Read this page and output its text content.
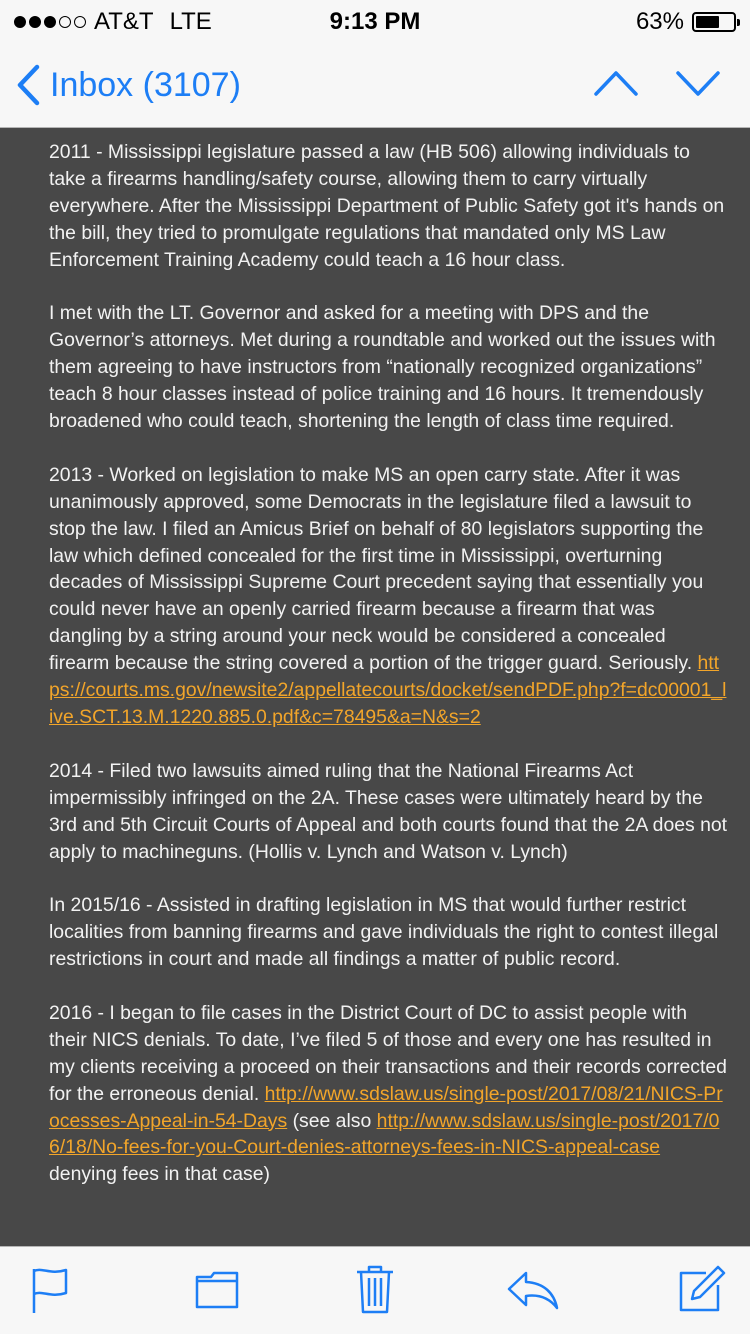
AT&T LTE	9:13 PM	63%
Inbox (3107)

2011 - Mississippi legislature passed a law (HB 506) allowing individuals to take a firearms handling/safety course, allowing them to carry virtually everywhere. After the Mississippi Department of Public Safety got it's hands on the bill, they tried to promulgate regulations that mandated only MS Law Enforcement Training Academy could teach a 16 hour class.

I met with the LT. Governor and asked for a meeting with DPS and the Governor’s attorneys. Met during a roundtable and worked out the issues with them agreeing to have instructors from “nationally recognized organizations” teach 8 hour classes instead of police training and 16 hours. It tremendously broadened who could teach, shortening the length of class time required.

2013 - Worked on legislation to make MS an open carry state. After it was unanimously approved, some Democrats in the legislature filed a lawsuit to stop the law. I filed an Amicus Brief on behalf of 80 legislators supporting the law which defined concealed for the first time in Mississippi, overturning decades of Mississippi Supreme Court precedent saying that essentially you could never have an openly carried firearm because a firearm that was dangling by a string around your neck would be considered a concealed firearm because the string covered a portion of the trigger guard. Seriously. https://courts.ms.gov/newsite2/appellatecourts/docket/sendPDF.php?f=dc00001_live.SCT.13.M.1220.885.0.pdf&c=78495&a=N&s=2

2014 - Filed two lawsuits aimed ruling that the National Firearms Act impermissibly infringed on the 2A. These cases were ultimately heard by the 3rd and 5th Circuit Courts of Appeal and both courts found that the 2A does not apply to machineguns. (Hollis v. Lynch and Watson v. Lynch)

In 2015/16 - Assisted in drafting legislation in MS that would further restrict localities from banning firearms and gave individuals the right to contest illegal restrictions in court and made all findings a matter of public record.

2016 - I began to file cases in the District Court of DC to assist people with their NICS denials. To date, I’ve filed 5 of those and every one has resulted in my clients receiving a proceed on their transactions and their records corrected for the erroneous denial. http://www.sdslaw.us/single-post/2017/08/21/NICS-Processes-Appeal-in-54-Days (see also http://www.sdslaw.us/single-post/2017/06/18/No-fees-for-you-Court-denies-attorneys-fees-in-NICS-appeal-case denying fees in that case)
